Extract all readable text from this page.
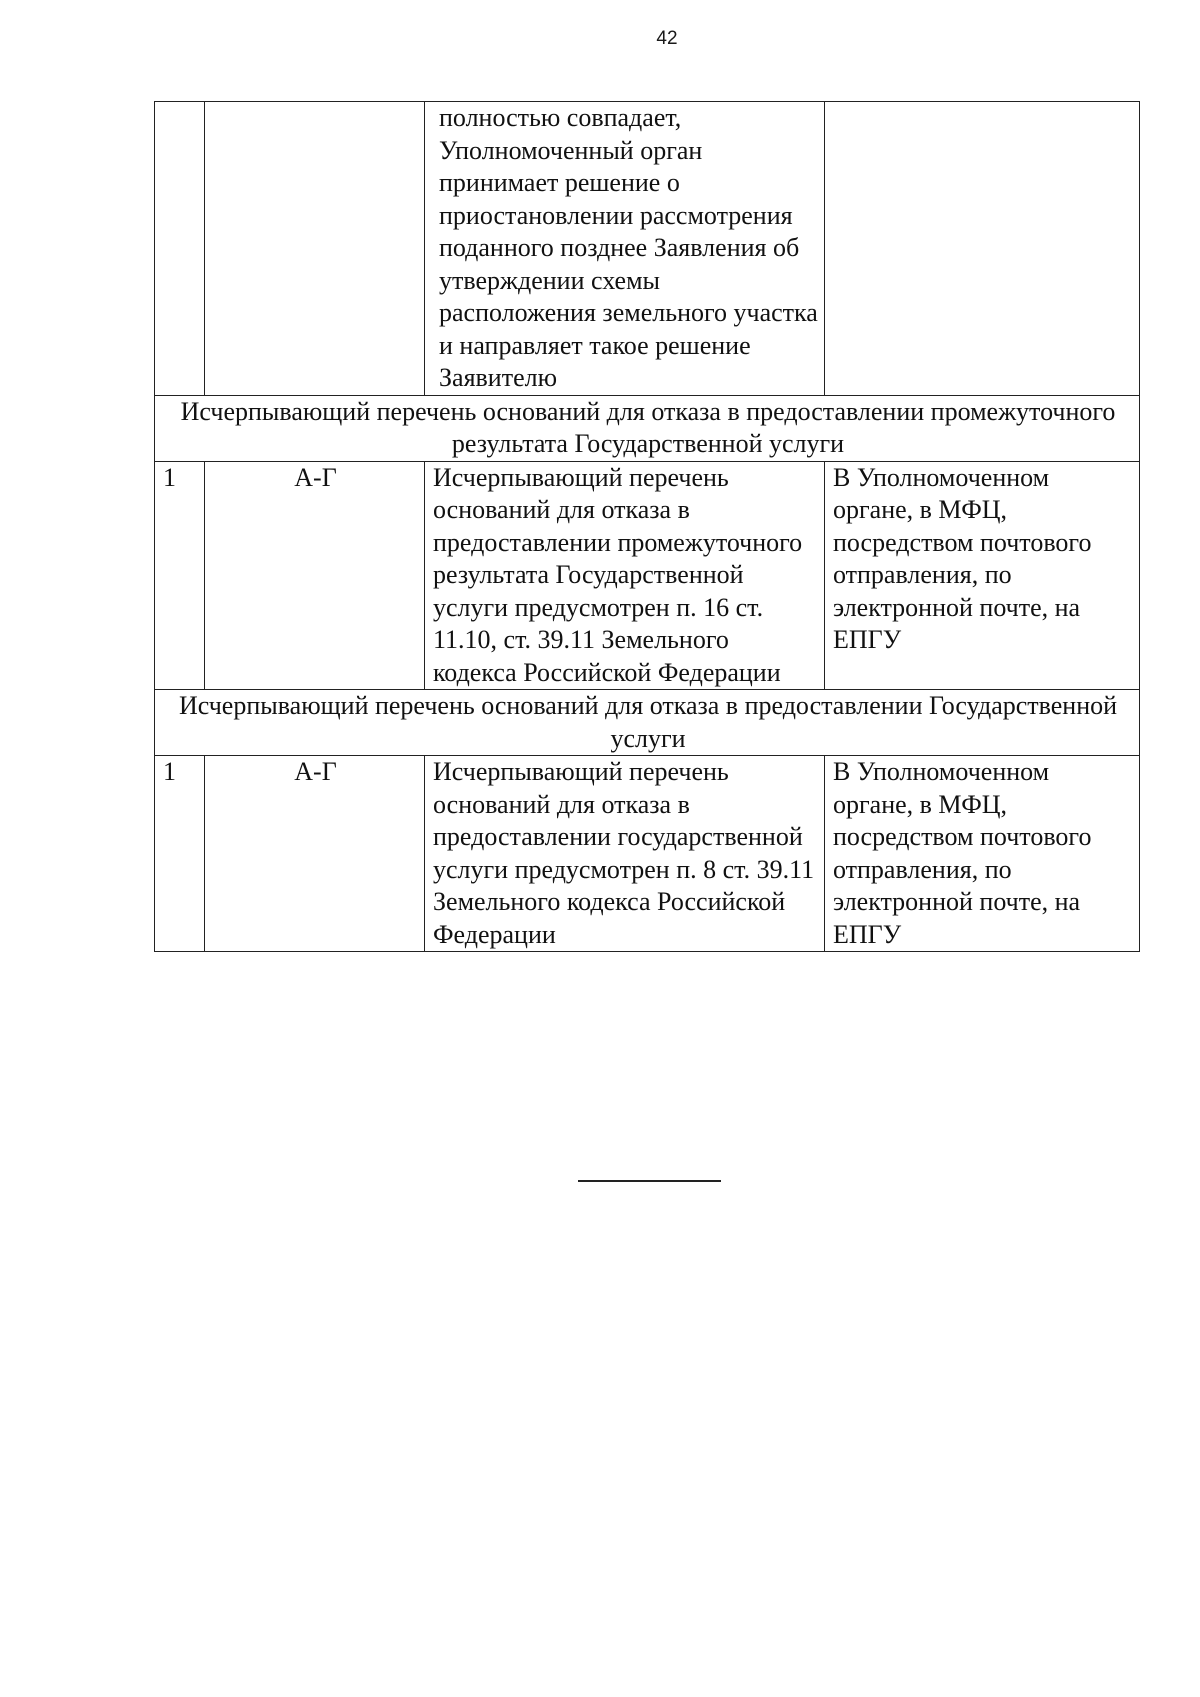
42
		полностью совпадает, Уполномоченный орган принимает решение о приостановлении рассмотрения поданного позднее Заявления об утверждении схемы расположения земельного участка и направляет такое решение Заявителю	
Исчерпывающий перечень оснований для отказа в предоставлении промежуточного результата Государственной услуги			
1	А-Г	Исчерпывающий перечень оснований для отказа в предоставлении промежуточного результата Государственной услуги предусмотрен п. 16 ст. 11.10, ст. 39.11 Земельного кодекса Российской Федерации	В Уполномоченном органе, в МФЦ, посредством почтового отправления, по электронной почте, на ЕПГУ
Исчерпывающий перечень оснований для отказа в предоставлении Государственной услуги			
1	А-Г	Исчерпывающий перечень оснований для отказа в предоставлении государственной услуги предусмотрен п. 8 ст. 39.11 Земельного кодекса Российской Федерации	В Уполномоченном органе, в МФЦ, посредством почтового отправления, по электронной почте, на ЕПГУ
